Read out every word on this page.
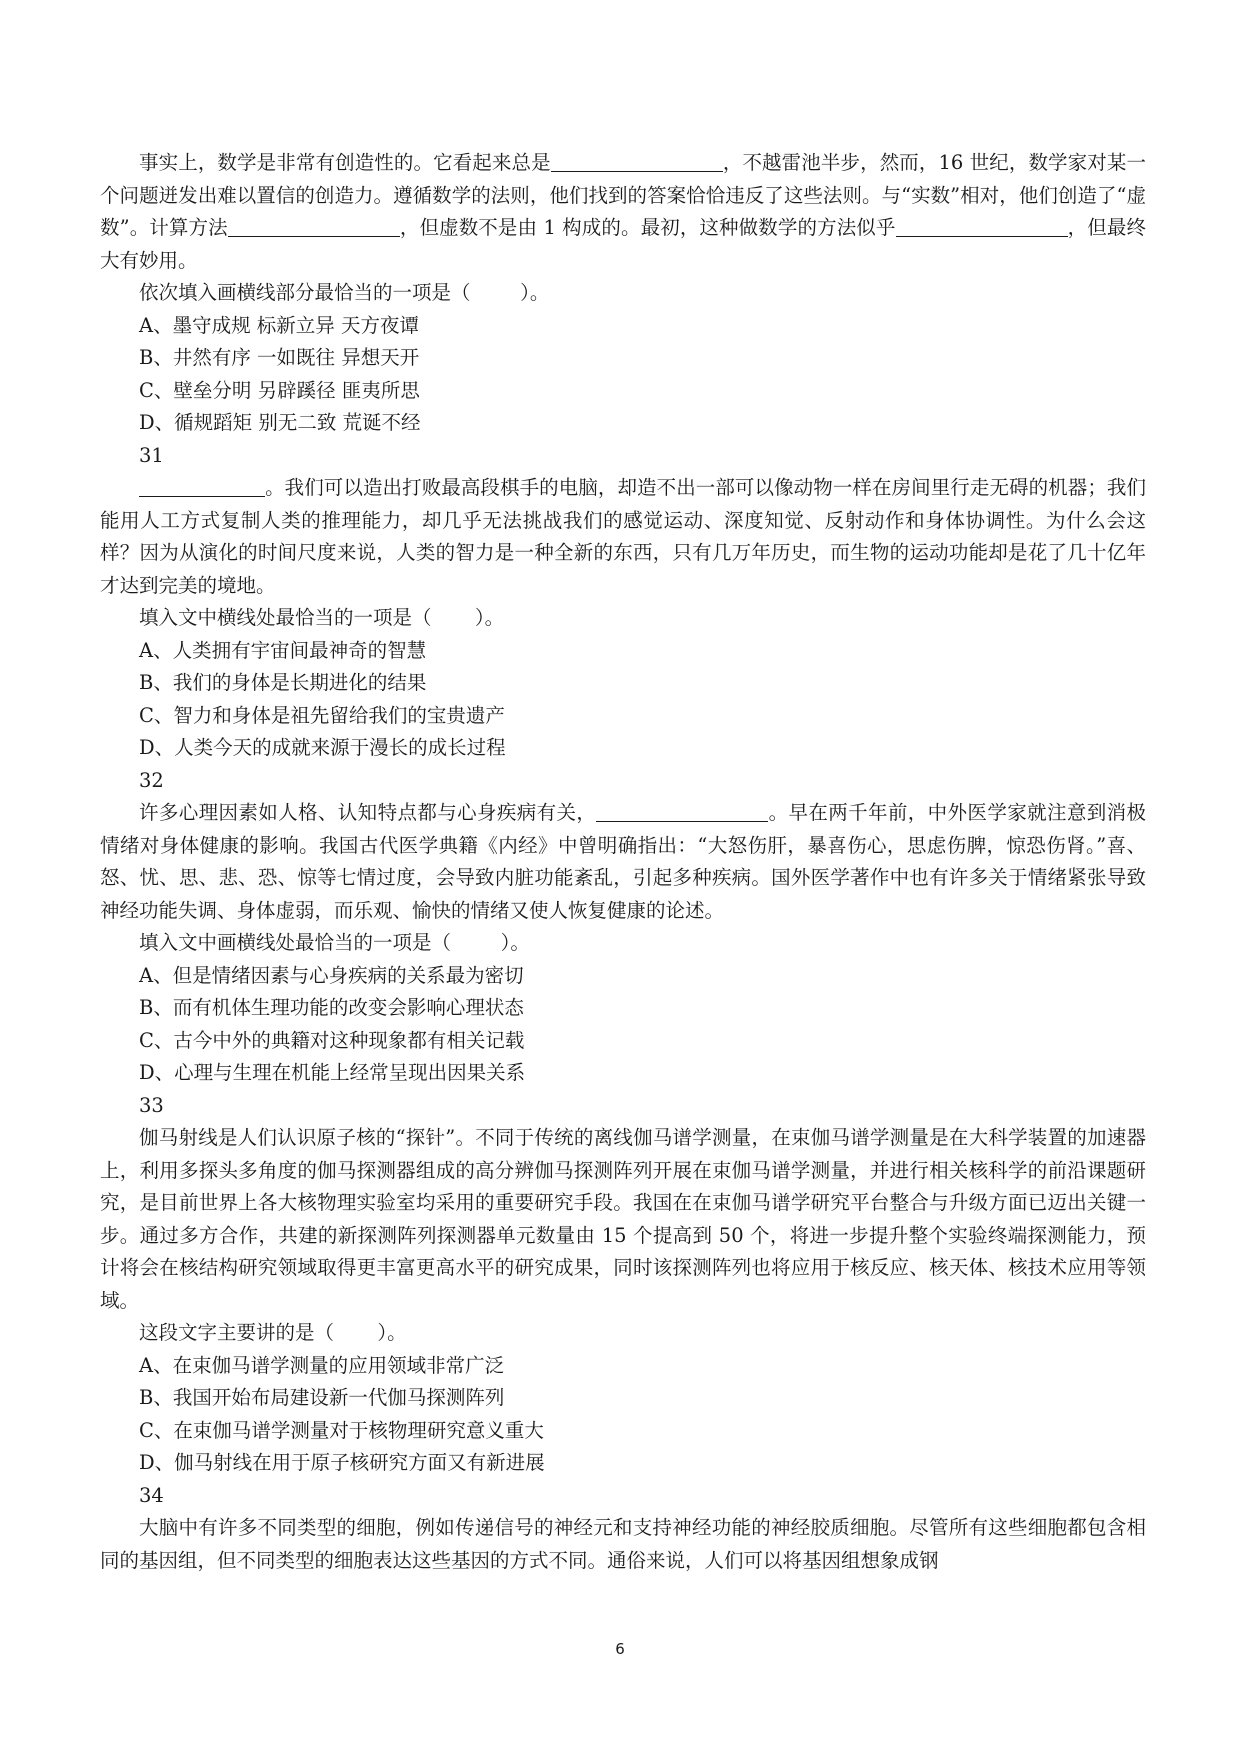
事实上，数学是非常有创造性的。它看起来总是	，不越雷池半步，然而，16 世纪，数学家对某一个问题迸发出难以置信的创造力。遵循数学的法则，他们找到的答案恰恰违反了这些法则。与“实数”相对，他们创造了“虚数”。计算方法	，但虚数不是由 1 构成的。最初，这种做数学的方法似乎	，但最终大有妙用。

依次填入画横线部分最恰当的一项是（        ）。

A、墨守成规 标新立异 天方夜谭

B、井然有序 一如既往 异想天开

C、壁垒分明 另辟蹊径 匪夷所思

D、循规蹈矩 别无二致 荒诞不经

31

。我们可以造出打败最高段棋手的电脑，却造不出一部可以像动物一样在房间里行走无碍的机器；我们能用人工方式复制人类的推理能力，却几乎无法挑战我们的感觉运动、深度知觉、反射动作和身体协调性。为什么会这样？因为从演化的时间尺度来说，人类的智力是一种全新的东西，只有几万年历史，而生物的运动功能却是花了几十亿年才达到完美的境地。

填入文中横线处最恰当的一项是（       ）。

A、人类拥有宇宙间最神奇的智慧

B、我们的身体是长期进化的结果

C、智力和身体是祖先留给我们的宝贵遗产

D、人类今天的成就来源于漫长的成长过程

32

许多心理因素如人格、认知特点都与心身疾病有关，	。早在两千年前，中外医学家就注意到消极情绪对身体健康的影响。我国古代医学典籍《内经》中曾明确指出：“大怒伤肝，暴喜伤心，思虑伤脾，惊恐伤肾。”喜、怒、忧、思、悲、恐、惊等七情过度，会导致内脏功能紊乱，引起多种疾病。国外医学著作中也有许多关于情绪紧张导致神经功能失调、身体虚弱，而乐观、愉快的情绪又使人恢复健康的论述。

填入文中画横线处最恰当的一项是（        ）。

A、但是情绪因素与心身疾病的关系最为密切

B、而有机体生理功能的改变会影响心理状态

C、古今中外的典籍对这种现象都有相关记载

D、心理与生理在机能上经常呈现出因果关系

33

伽马射线是人们认识原子核的“探针”。不同于传统的离线伽马谱学测量，在束伽马谱学测量是在大科学装置的加速器上，利用多探头多角度的伽马探测器组成的高分辨伽马探测阵列开展在束伽马谱学测量，并进行相关核科学的前沿课题研究，是目前世界上各大核物理实验室均采用的重要研究手段。我国在在束伽马谱学研究平台整合与升级方面已迈出关键一步。通过多方合作，共建的新探测阵列探测器单元数量由 15 个提高到 50 个，将进一步提升整个实验终端探测能力，预计将会在核结构研究领域取得更丰富更高水平的研究成果，同时该探测阵列也将应用于核反应、核天体、核技术应用等领域。

这段文字主要讲的是（       ）。

A、在束伽马谱学测量的应用领域非常广泛

B、我国开始布局建设新一代伽马探测阵列

C、在束伽马谱学测量对于核物理研究意义重大

D、伽马射线在用于原子核研究方面又有新进展

34

大脑中有许多不同类型的细胞，例如传递信号的神经元和支持神经功能的神经胶质细胞。尽管所有这些细胞都包含相同的基因组，但不同类型的细胞表达这些基因的方式不同。通俗来说，人们可以将基因组想象成钢

6
